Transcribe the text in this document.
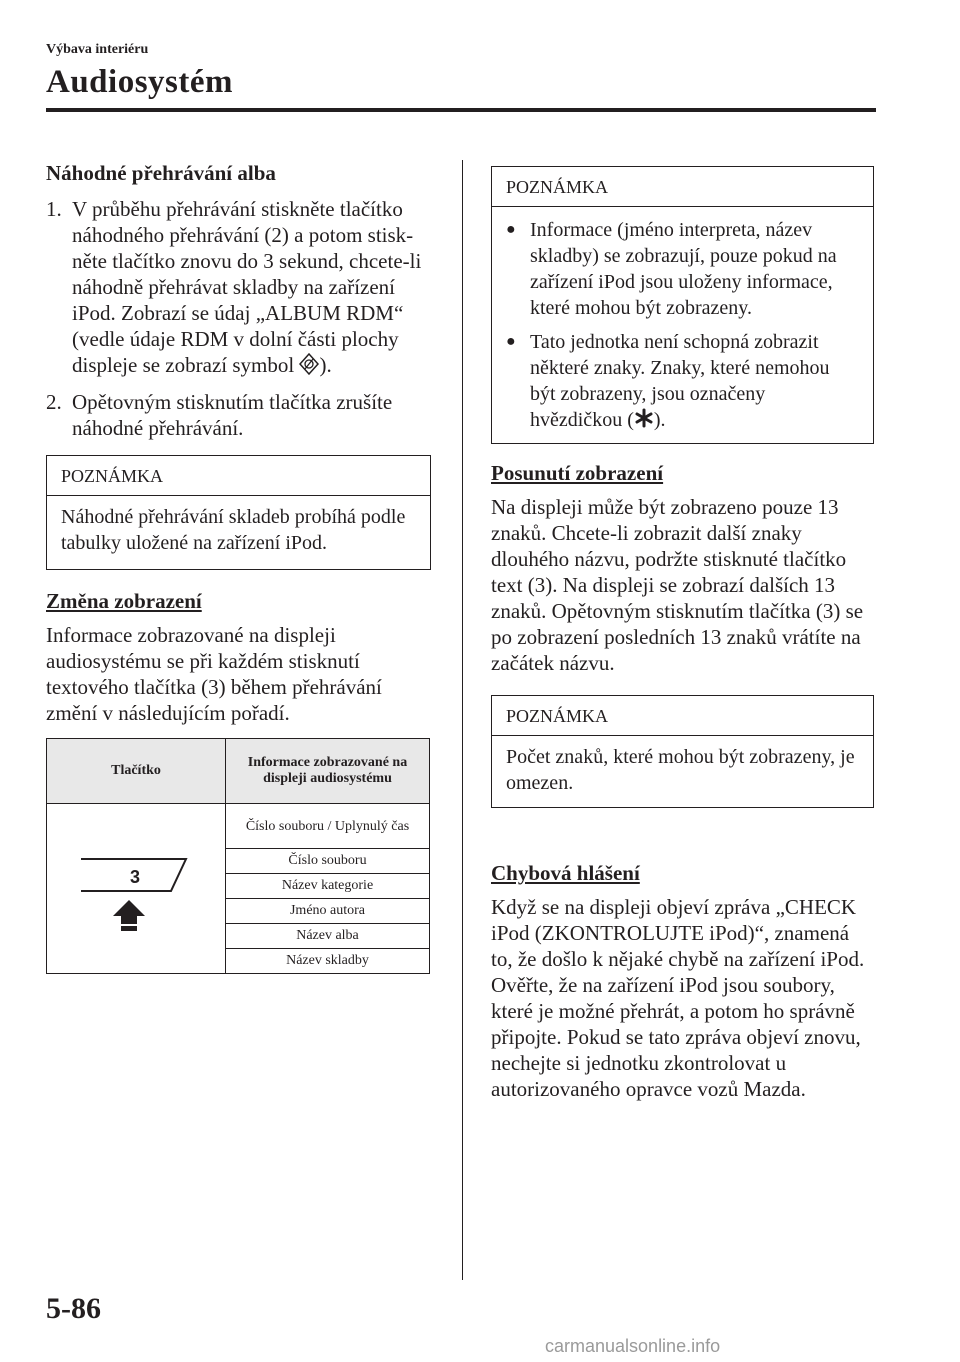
Výbava interiéru
Audiosystém
Náhodné přehrávání alba
1. V průběhu přehrávání stiskněte tlačítko náhodného přehrávání (2) a potom stisk-něte tlačítko znovu do 3 sekund, chcete-li náhodně přehrávat skladby na zařízení iPod. Zobrazí se údaj „ALBUM RDM“ (vedle údaje RDM v dolní části plochy displeje se zobrazí symbol ).
2. Opětovným stisknutím tlačítka zrušíte náhodné přehrávání.
POZNÁMKA
Náhodné přehrávání skladeb probíhá podle tabulky uložené na zařízení iPod.
Změna zobrazení
Informace zobrazované na displeji audiosystému se při každém stisknutí textového tlačítka (3) během přehrávání změní v následujícím pořadí.
Tlačítko	Informace zobrazované na displeji audiosystému

3	Číslo souboru / Uplynulý čas
	Číslo souboru
	Název kategorie
	Jméno autora
	Název alba
	Název skladby
POZNÁMKA
● Informace (jméno interpreta, název skladby) se zobrazují, pouze pokud na zařízení iPod jsou uloženy informace, které mohou být zobrazeny.
● Tato jednotka není schopná zobrazit některé znaky. Znaky, které nemohou být zobrazeny, jsou označeny hvězdičkou ( ).
Posunutí zobrazení
Na displeji může být zobrazeno pouze 13 znaků. Chcete-li zobrazit další znaky dlouhého názvu, podržte stisknuté tlačítko text (3). Na displeji se zobrazí dalších 13 znaků. Opětovným stisknutím tlačítka (3) se po zobrazení posledních 13 znaků vrátíte na začátek názvu.
POZNÁMKA
Počet znaků, které mohou být zobrazeny, je omezen.
Chybová hlášení
Když se na displeji objeví zpráva „CHECK iPod (ZKONTROLUJTE iPod)“, znamená to, že došlo k nějaké chybě na zařízení iPod. Ověřte, že na zařízení iPod jsou soubory, které je možné přehrát, a potom ho správně připojte. Pokud se tato zpráva objeví znovu, nechejte si jednotku zkontrolovat u autorizovaného opravce vozů Mazda.
5-86
carmanualsonline.info
